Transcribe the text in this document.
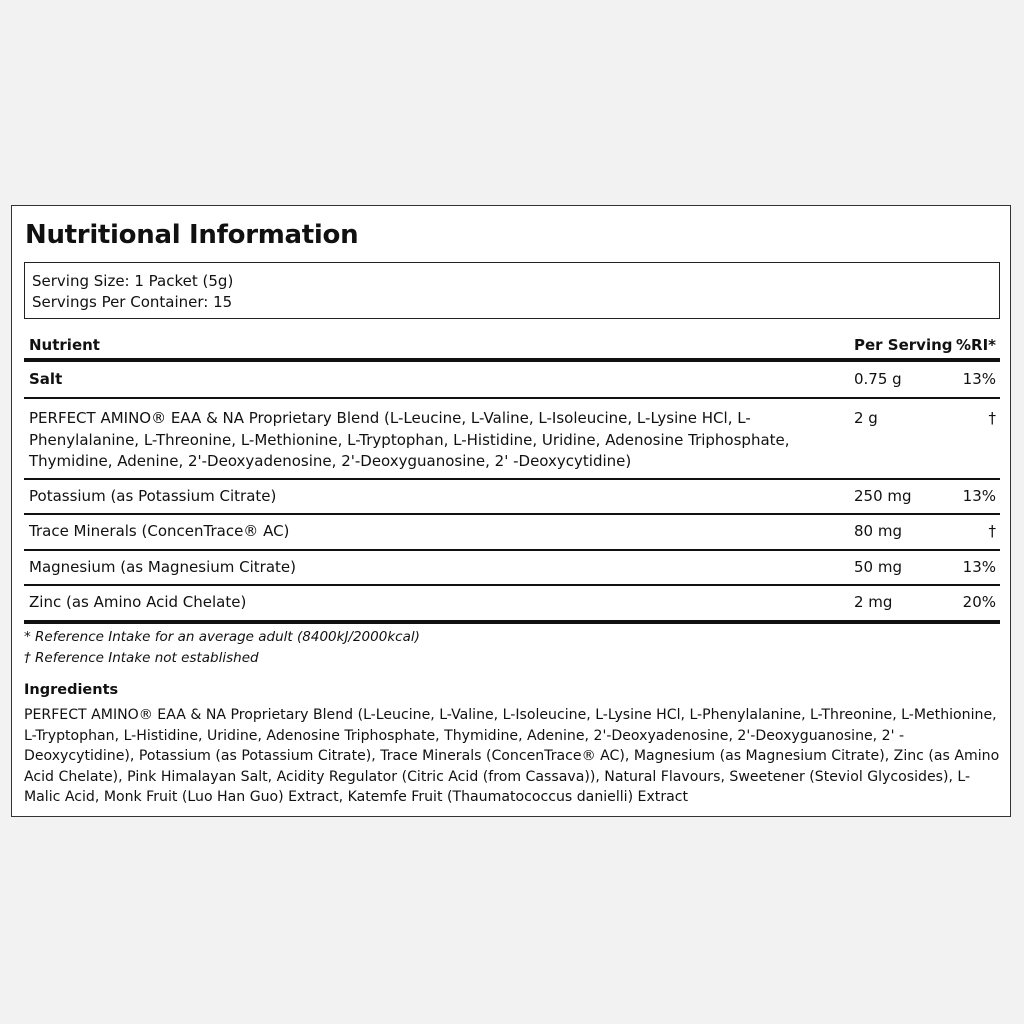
Nutritional Information
Serving Size: 1 Packet (5g)
Servings Per Container: 15
Nutrient	Per Serving	%RI*
Salt	0.75 g	13%
PERFECT AMINO® EAA & NA Proprietary Blend (L-Leucine, L-Valine, L-Isoleucine, L-Lysine HCl, L-Phenylalanine, L-Threonine, L-Methionine, L-Tryptophan, L-Histidine, Uridine, Adenosine Triphosphate, Thymidine, Adenine, 2'-Deoxyadenosine, 2'-Deoxyguanosine, 2' -Deoxycytidine)	2 g	†
Potassium (as Potassium Citrate)	250 mg	13%
Trace Minerals (ConcenTrace® AC)	80 mg	†
Magnesium (as Magnesium Citrate)	50 mg	13%
Zinc (as Amino Acid Chelate)	2 mg	20%
* Reference Intake for an average adult (8400kJ/2000kcal)
† Reference Intake not established
Ingredients
PERFECT AMINO® EAA & NA Proprietary Blend (L-Leucine, L-Valine, L-Isoleucine, L-Lysine HCl, L-Phenylalanine, L-Threonine, L-Methionine, L-Tryptophan, L-Histidine, Uridine, Adenosine Triphosphate, Thymidine, Adenine, 2'-Deoxyadenosine, 2'-Deoxyguanosine, 2' -Deoxycytidine), Potassium (as Potassium Citrate), Trace Minerals (ConcenTrace® AC), Magnesium (as Magnesium Citrate), Zinc (as Amino Acid Chelate), Pink Himalayan Salt, Acidity Regulator (Citric Acid (from Cassava)), Natural Flavours, Sweetener (Steviol Glycosides), L-Malic Acid, Monk Fruit (Luo Han Guo) Extract, Katemfe Fruit (Thaumatococcus danielli) Extract
